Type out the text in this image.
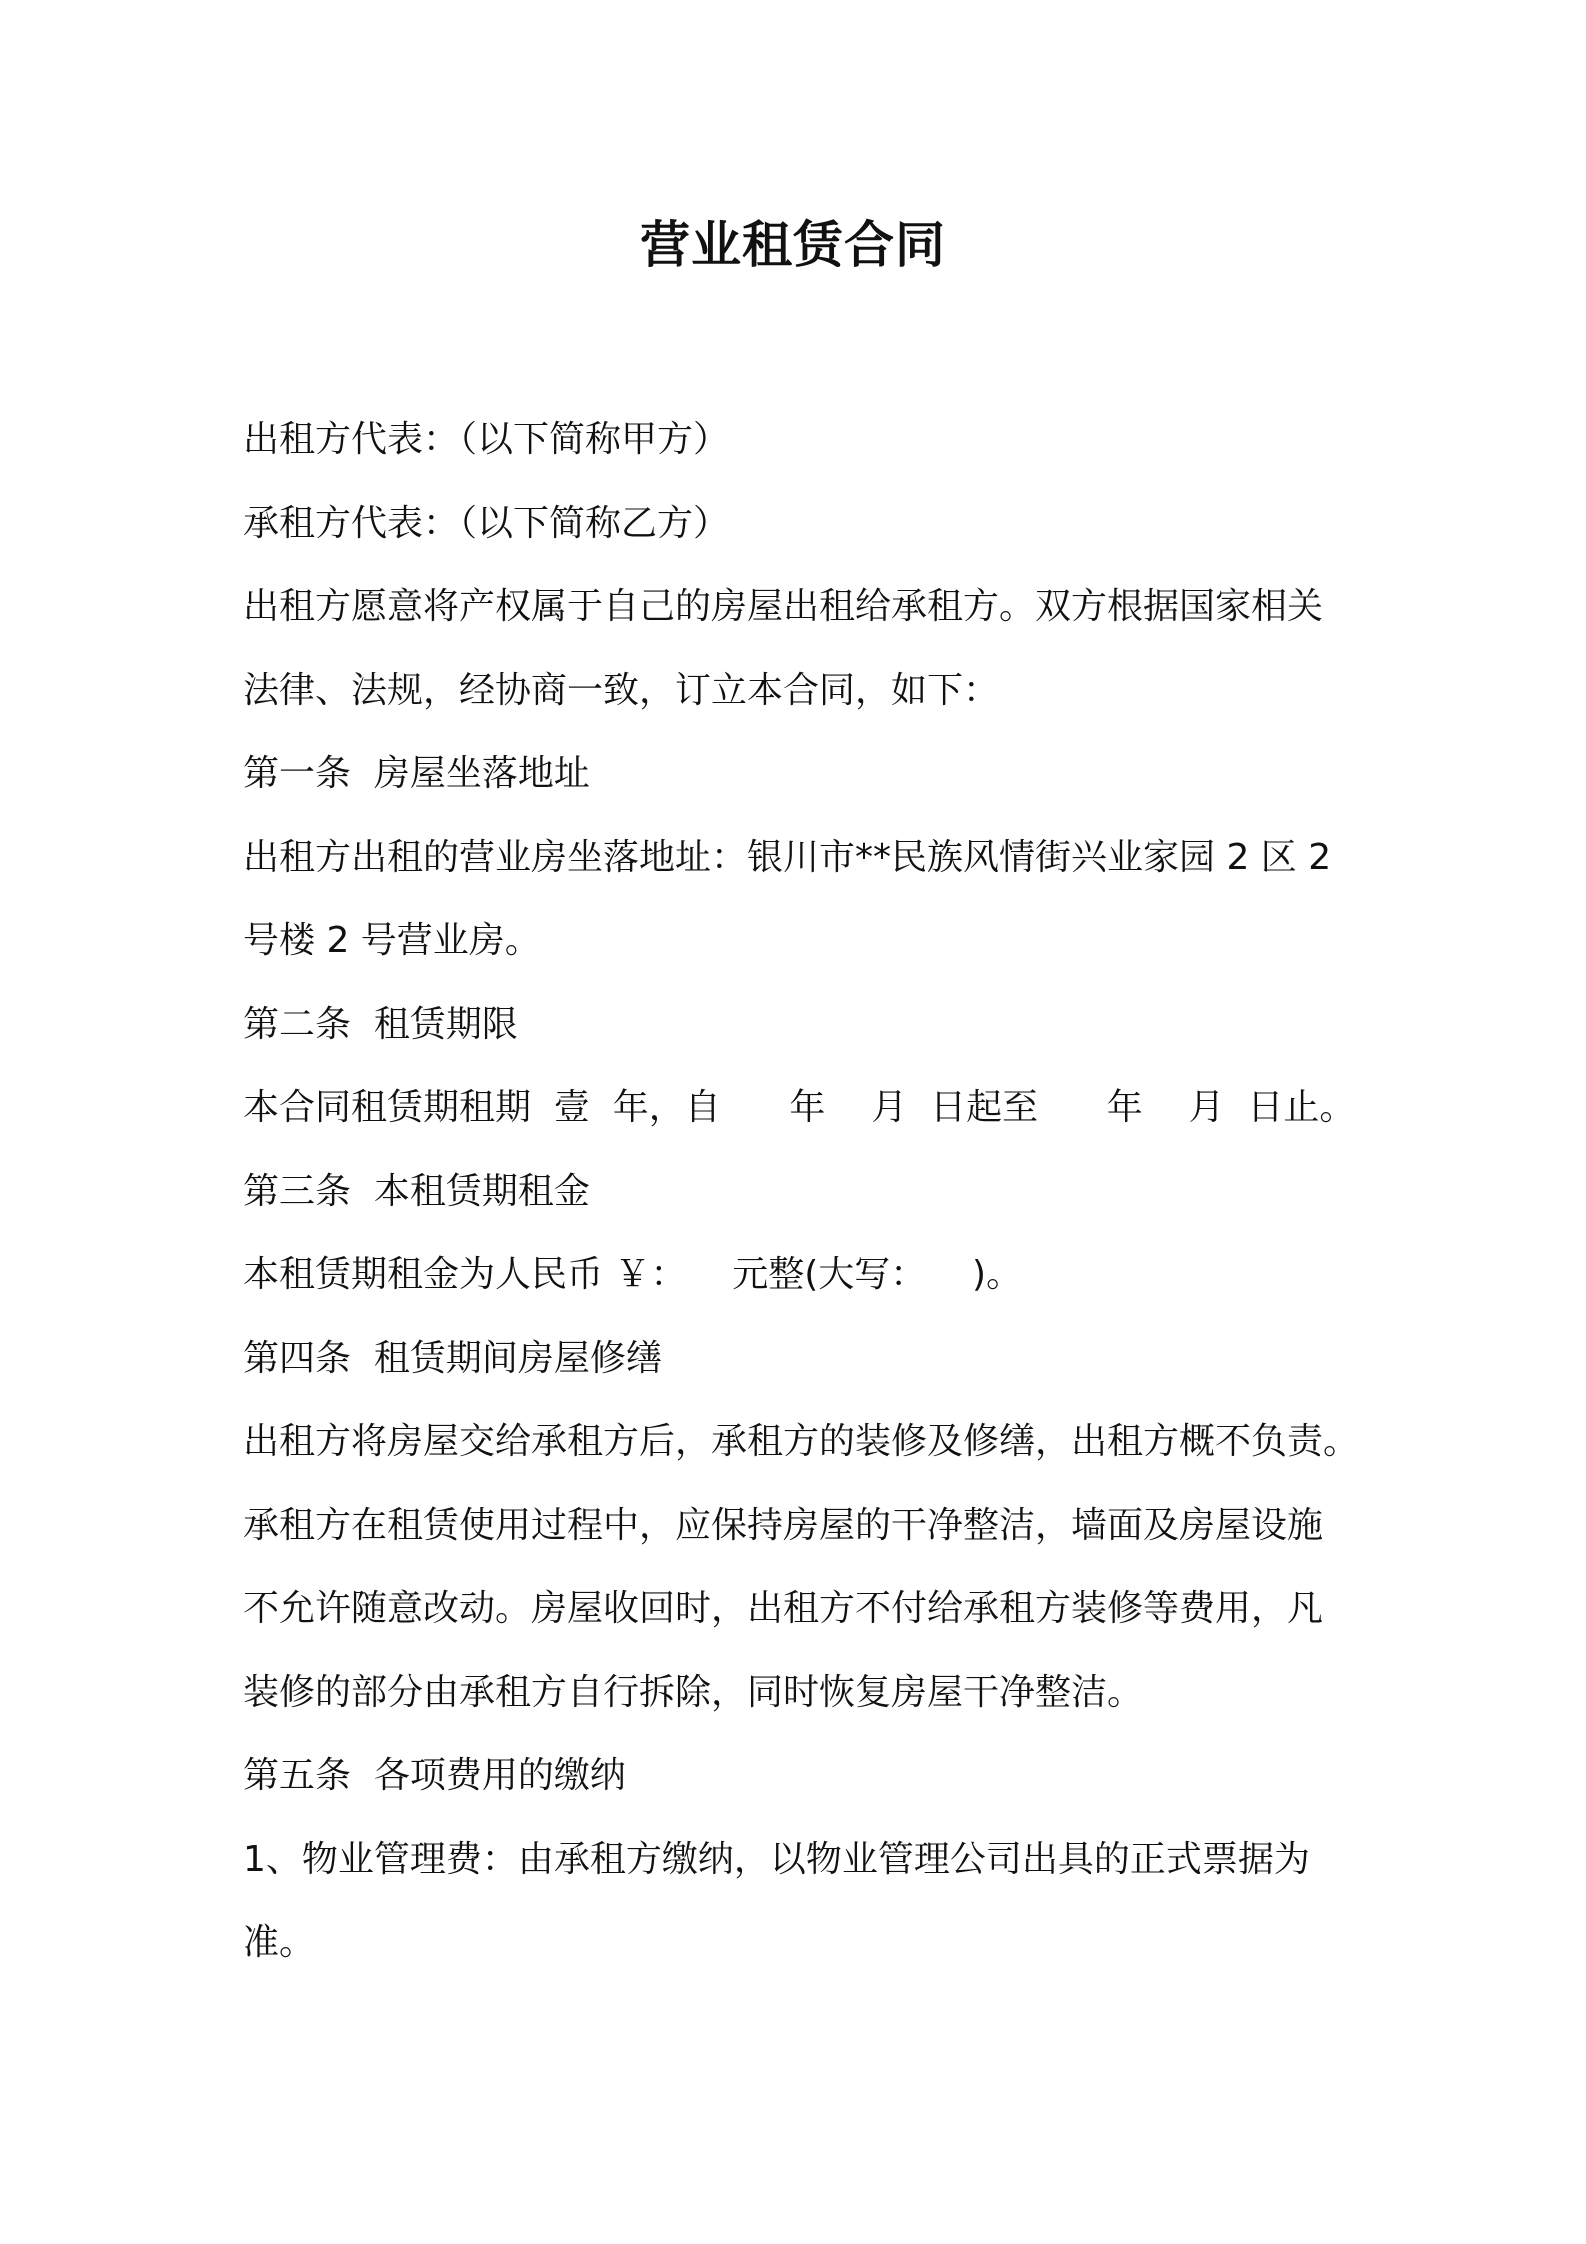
营业租赁合同
出租方代表：（以下简称甲方）
承租方代表：（以下简称乙方）
出租方愿意将产权属于自己的房屋出租给承租方。双方根据国家相关
法律、法规，经协商一致，订立本合同，如下：
第一条  房屋坐落地址
出租方出租的营业房坐落地址：银川市**民族风情街兴业家园 2 区 2
号楼 2 号营业房。
第二条  租赁期限
本合同租赁期租期  壹  年，自      年    月  日起至      年    月  日止。
第三条  本租赁期租金
本租赁期租金为人民币 ￥：    元整(大写：    )。
第四条  租赁期间房屋修缮
出租方将房屋交给承租方后，承租方的装修及修缮，出租方概不负责。
承租方在租赁使用过程中，应保持房屋的干净整洁，墙面及房屋设施
不允许随意改动。房屋收回时，出租方不付给承租方装修等费用，凡
装修的部分由承租方自行拆除，同时恢复房屋干净整洁。
第五条  各项费用的缴纳
1、物业管理费：由承租方缴纳，以物业管理公司出具的正式票据为
准。
